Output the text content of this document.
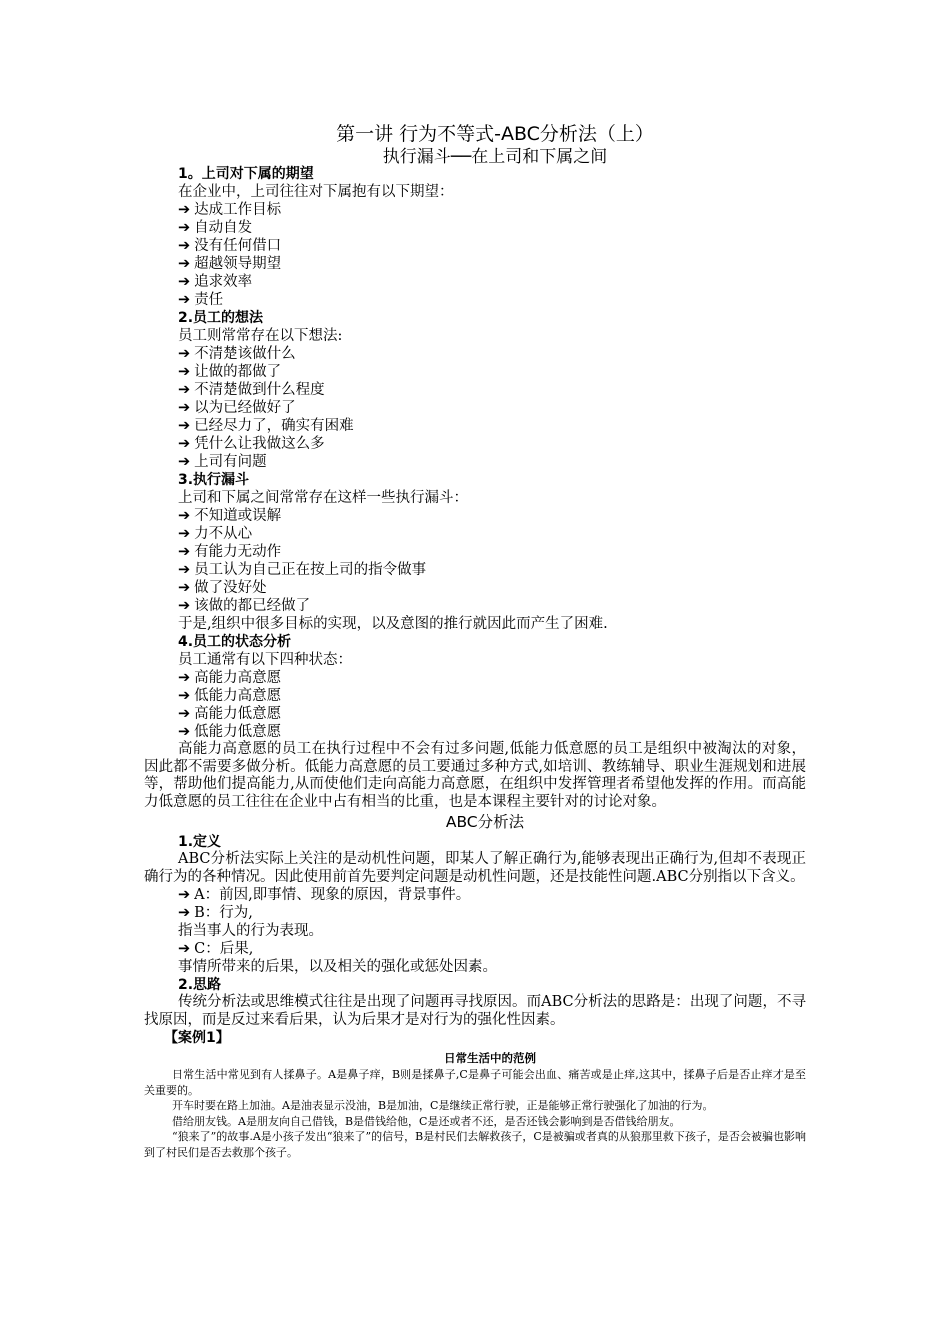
第一讲 行为不等式-ABC分析法（上）
执行漏斗──在上司和下属之间
1。上司对下属的期望
在企业中，上司往往对下属抱有以下期望：
➔ 达成工作目标
➔ 自动自发
➔ 没有任何借口
➔ 超越领导期望
➔ 追求效率
➔ 责任
2.员工的想法
员工则常常存在以下想法:
➔ 不清楚该做什么
➔ 让做的都做了
➔ 不清楚做到什么程度
➔ 以为已经做好了
➔ 已经尽力了，确实有困难
➔ 凭什么让我做这么多
➔ 上司有问题
3.执行漏斗
上司和下属之间常常存在这样一些执行漏斗：
➔ 不知道或误解
➔ 力不从心
➔ 有能力无动作
➔ 员工认为自己正在按上司的指令做事
➔ 做了没好处
➔ 该做的都已经做了
于是,组织中很多目标的实现，以及意图的推行就因此而产生了困难.
4.员工的状态分析
员工通常有以下四种状态：
➔ 高能力高意愿
➔ 低能力高意愿
➔ 高能力低意愿
➔ 低能力低意愿
高能力高意愿的员工在执行过程中不会有过多问题,低能力低意愿的员工是组织中被淘汰的对象，因此都不需要多做分析。低能力高意愿的员工要通过多种方式,如培训、教练辅导、职业生涯规划和进展等，帮助他们提高能力,从而使他们走向高能力高意愿，在组织中发挥管理者希望他发挥的作用。而高能力低意愿的员工往往在企业中占有相当的比重，也是本课程主要针对的讨论对象。
ABC分析法
1.定义
ABC分析法实际上关注的是动机性问题，即某人了解正确行为,能够表现出正确行为,但却不表现正确行为的各种情况。因此使用前首先要判定问题是动机性问题，还是技能性问题.ABC分别指以下含义。
➔ A：前因,即事情、现象的原因，背景事件。
➔ B：行为,
指当事人的行为表现。
➔ C：后果,
事情所带来的后果，以及相关的强化或惩处因素。
2.思路
传统分析法或思维模式往往是出现了问题再寻找原因。而ABC分析法的思路是：出现了问题，不寻找原因，而是反过来看后果，认为后果才是对行为的强化性因素。
【案例1】
日常生活中的范例
日常生活中常见到有人揉鼻子。A是鼻子痒，B则是揉鼻子,C是鼻子可能会出血、痛苦或是止痒,这其中，揉鼻子后是否止痒才是至关重要的。
开车时要在路上加油。A是油表显示没油，B是加油，C是继续正常行驶，正是能够正常行驶强化了加油的行为。
借给朋友钱。A是朋友向自己借钱，B是借钱给他，C是还或者不还，是否还钱会影响到是否借钱给朋友。
“狼来了”的故事.A是小孩子发出“狼来了”的信号，B是村民们去解救孩子，C是被骗或者真的从狼那里救下孩子，是否会被骗也影响到了村民们是否去救那个孩子。
